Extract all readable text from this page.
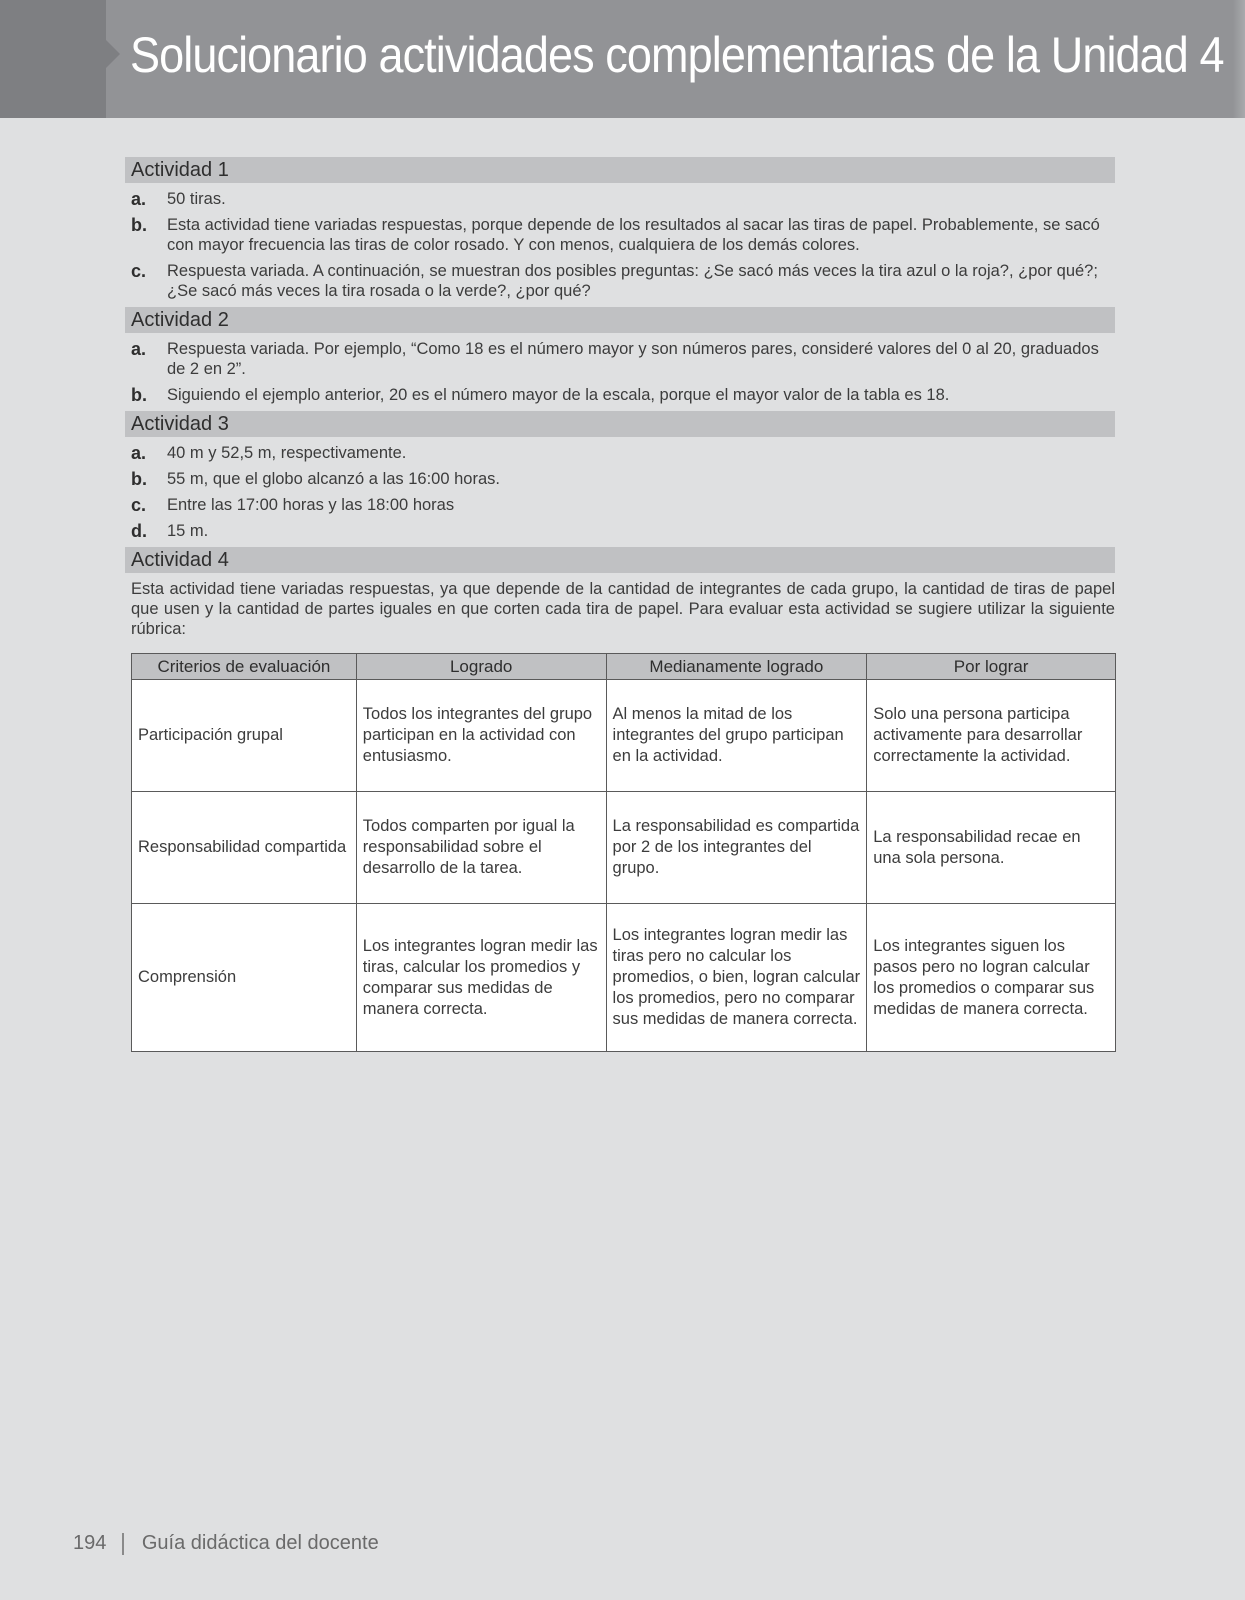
Solucionario actividades complementarias de la Unidad 4
Actividad 1
a.	50 tiras.
b.	Esta actividad tiene variadas respuestas, porque depende de los resultados al sacar las tiras de papel. Probablemente, se sacó con mayor frecuencia las tiras de color rosado. Y con menos, cualquiera de los demás colores.
c.	Respuesta variada. A continuación, se muestran dos posibles preguntas: ¿Se sacó más veces la tira azul o la roja?, ¿por qué?; ¿Se sacó más veces la tira rosada o la verde?, ¿por qué?
Actividad 2
a.	Respuesta variada. Por ejemplo, “Como 18 es el número mayor y son números pares, consideré valores del 0 al 20, graduados de 2 en 2”.
b.	Siguiendo el ejemplo anterior, 20 es el número mayor de la escala, porque el mayor valor de la tabla es 18.
Actividad 3
a.	40 m y 52,5 m, respectivamente.
b.	55 m, que el globo alcanzó a las 16:00 horas.
c.	Entre las 17:00 horas y las 18:00 horas
d.	15 m.
Actividad 4

Esta actividad tiene variadas respuestas, ya que depende de la cantidad de integrantes de cada grupo, la cantidad de tiras de papel que usen y la cantidad de partes iguales en que corten cada tira de papel. Para evaluar esta actividad se sugiere utilizar la siguiente rúbrica:

Criterios de evaluación	Logrado	Medianamente logrado	Por lograr
Participación grupal	Todos los integrantes del grupo participan en la actividad con entusiasmo.	Al menos la mitad de los integrantes del grupo participan en la actividad.	Solo una persona participa activamente para desarrollar correctamente la actividad.
Responsabilidad compartida	Todos comparten por igual la responsabilidad sobre el desarrollo de la tarea.	La responsabilidad es compartida por 2 de los integrantes del grupo.	La responsabilidad recae en una sola persona.
Comprensión	Los integrantes logran medir las tiras, calcular los promedios y comparar sus medidas de manera correcta.	Los integrantes logran medir las tiras pero no calcular los promedios, o bien, logran calcular los promedios, pero no comparar sus medidas de manera correcta.	Los integrantes siguen los pasos pero no logran calcular los promedios o comparar sus medidas de manera correcta.
194 Guía didáctica del docente
